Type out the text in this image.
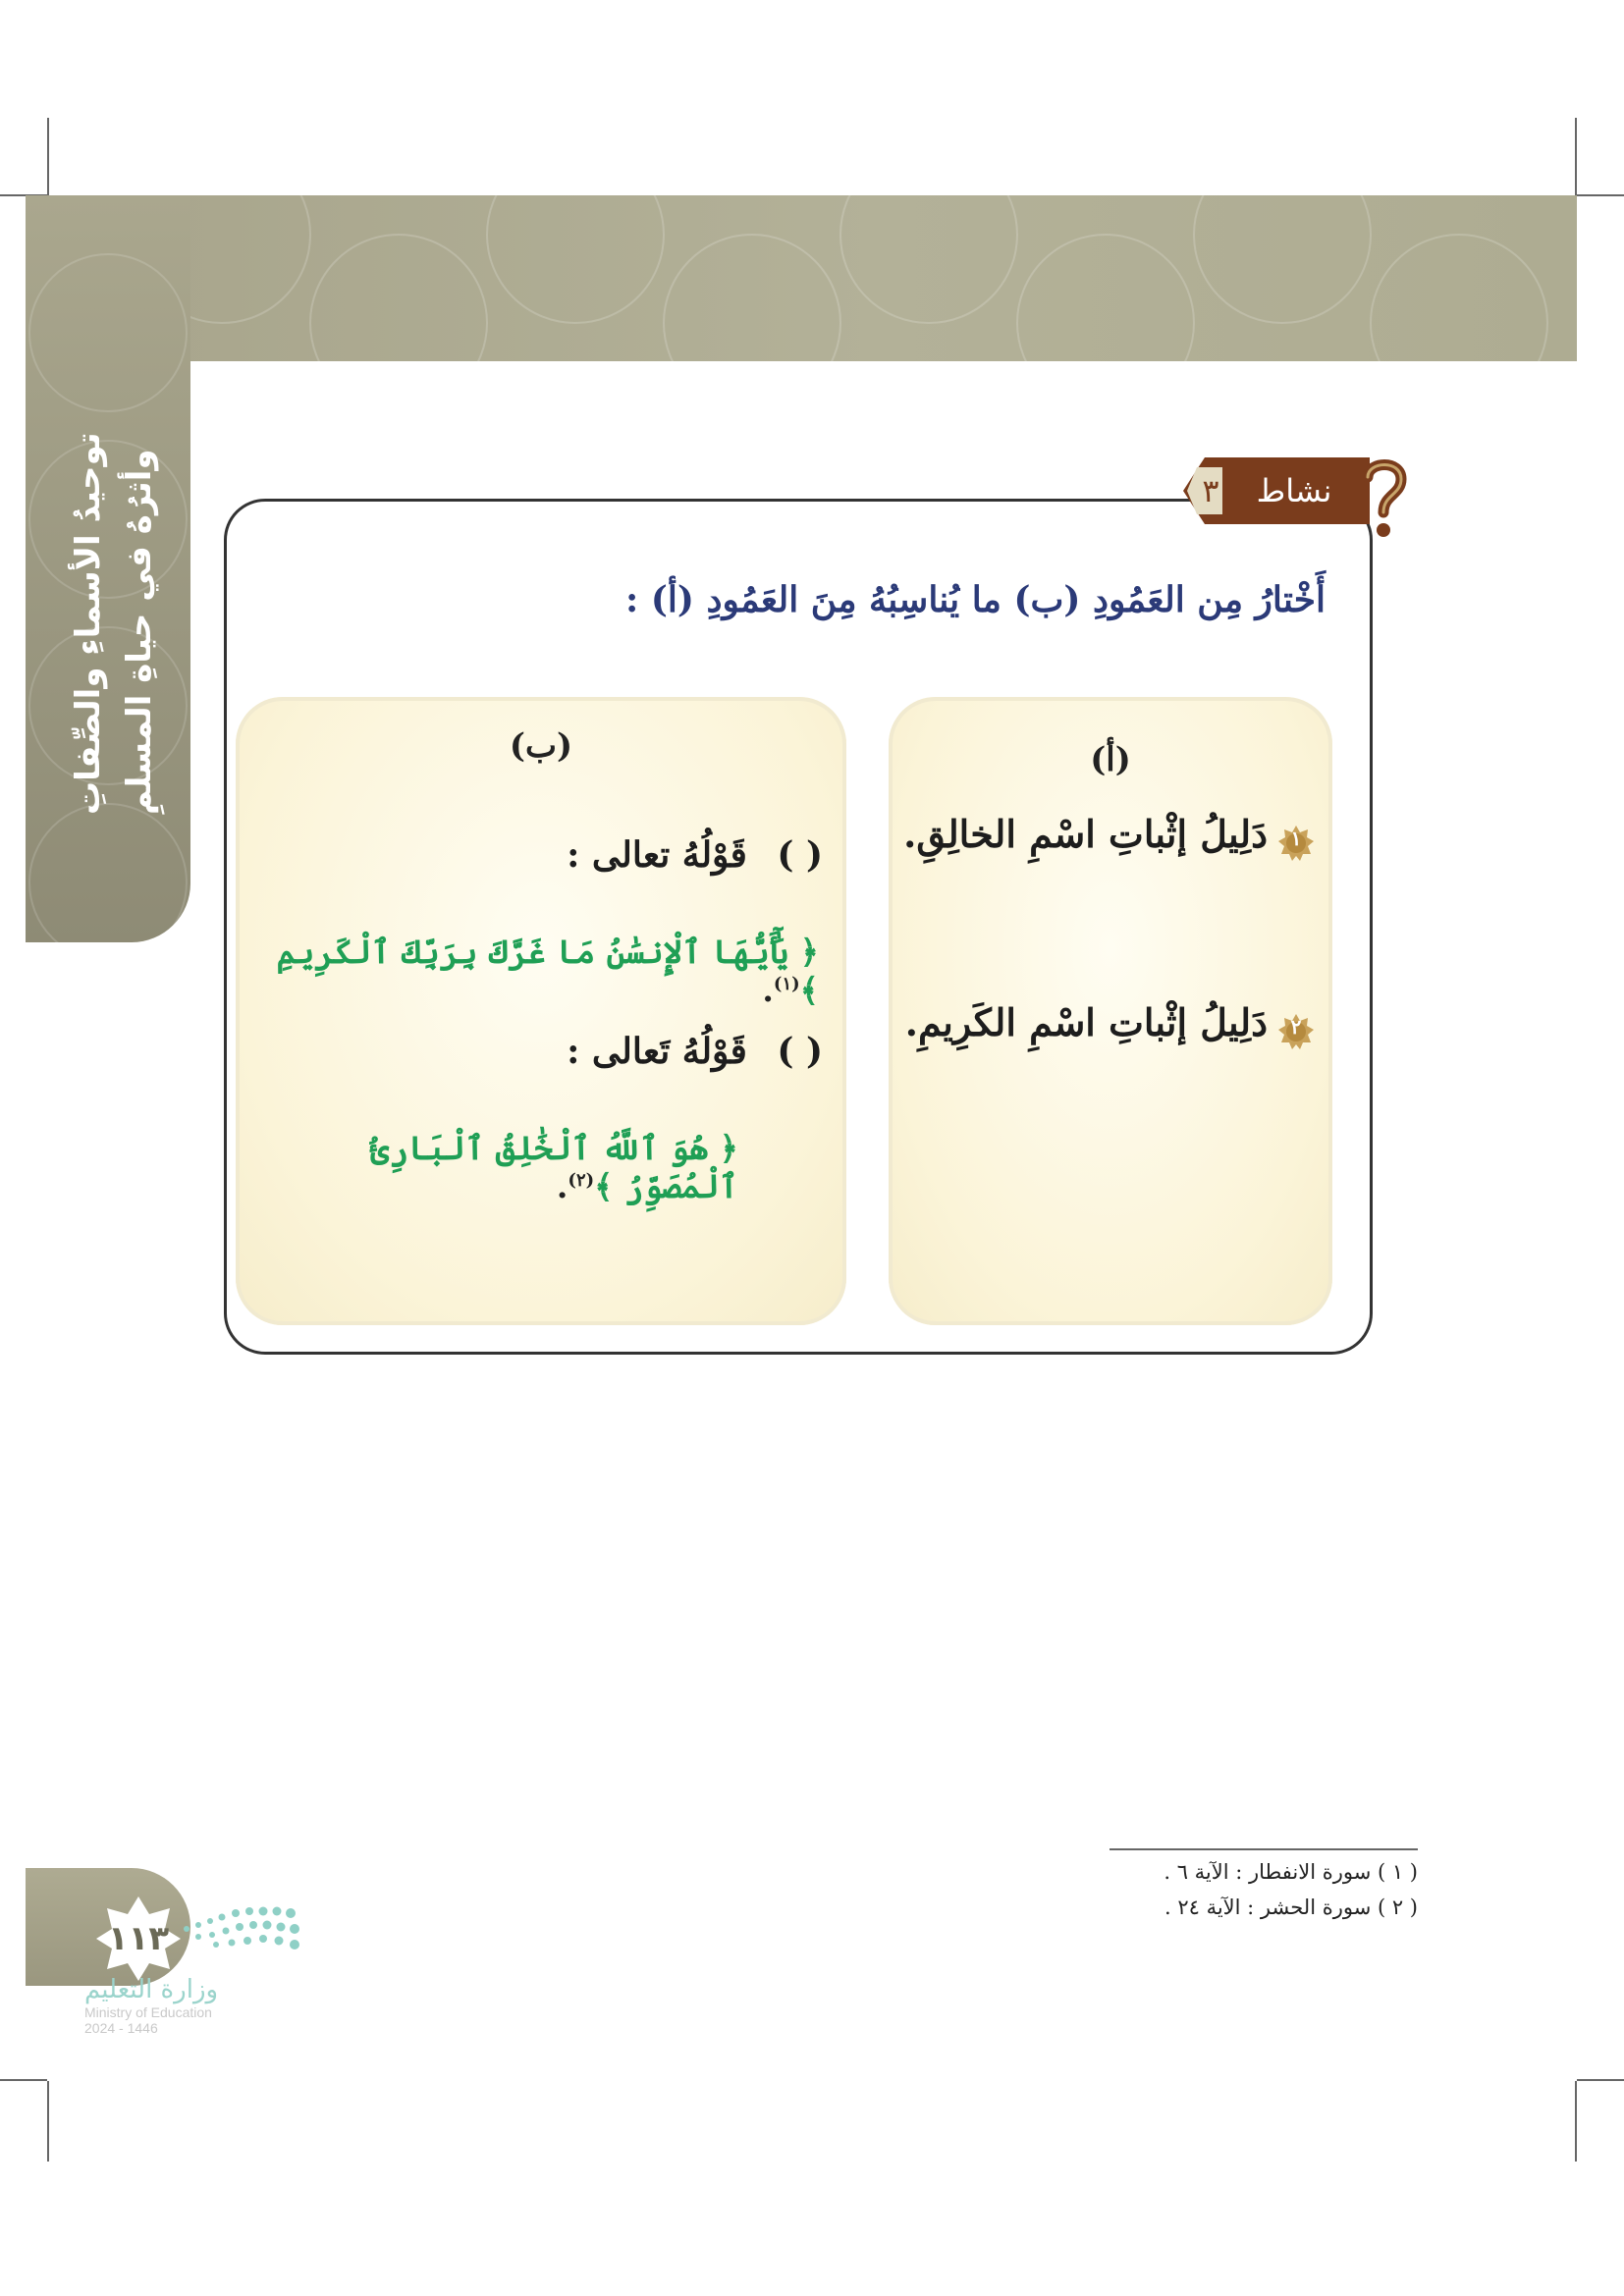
توحيدُ الأسماءِ والصِّفاتِ وأثرُهُ في حياةِ المسلمِ	نشاط
٣
أَخْتارُ مِن العَمُودِ (ب) ما يُناسِبُهُ مِنَ العَمُودِ (أ) :
(ب)
( ) قَوْلُهُ تعالى :
﴿ يَٰٓأَيُّهَا ٱلْإِنسَٰنُ مَا غَرَّكَ بِرَبِّكَ ٱلْكَرِيمِ ﴾$^{(١)}$.
( ) قَوْلُهُ تَعالى :
﴿ هُوَ ٱللَّهُ ٱلْخَٰلِقُ ٱلْبَارِئُ ٱلْمُصَوِّرُ ﴾$^{(٢)}$.
(أ)
١
دَلِيلُ إثْباتِ اسْمِ الخالِقِ.
٢
دَلِيلُ إثْباتِ اسْمِ الكَرِيمِ.
( ١ ) سورة الانفطار : الآية ٦ .
( ٢ ) سورة الحشر : الآية ٢٤ .
١١٣
وزارة التعليم
Ministry of Education
2024 - 1446
